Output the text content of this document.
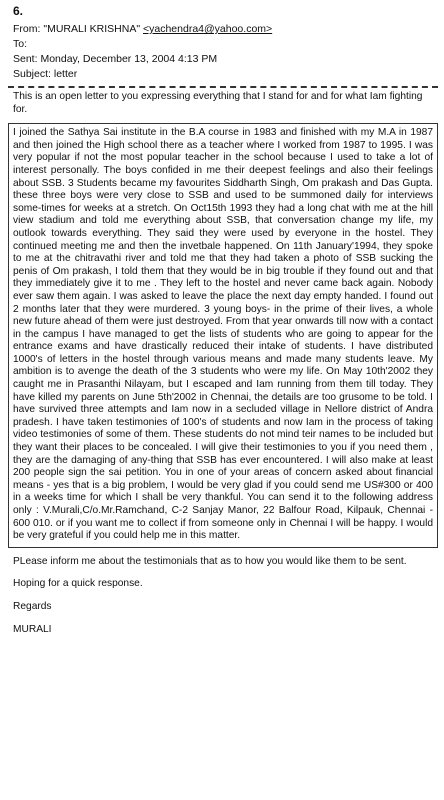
6.
From: "MURALI KRISHNA" <yachendra4@yahoo.com>
To:
Sent: Monday, December 13, 2004 4:13 PM
Subject: letter
This is an open letter to you expressing everything that I stand for and for what Iam fighting for.

I joined the Sathya Sai institute in the B.A course in 1983 and finished with my M.A in 1987 and then joined the High school there as a teacher where I worked from 1987 to 1995. I was very popular if not the most popular teacher in the school because I used to take a lot of interest personally. The boys confided in me their deepest feelings and also their feelings about SSB. 3 Students became my favourites Siddharth Singh, Om prakash and Das Gupta. these three boys were very close to SSB and used to be summoned daily for interviews some-times for weeks at a stretch. On Oct15th 1993 they had a long chat with me at the hill view stadium and told me everything about SSB, that conversation change my life, my outlook towards everything. They said they were used by everyone in the hostel. They continued meeting me and then the invetbale happened. On 11th January'1994, they spoke to me at the chitravathi river and told me that they had taken a photo of SSB sucking the penis of Om prakash, I told them that they would be in big trouble if they found out and that they immediately give it to me . They left to the hostel and never came back again. Nobody ever saw them again. I was asked to leave the place the next day empty handed. I found out 2 months later that they were murdered. 3 young boys- in the prime of their lives, a whole new future ahead of them were just destroyed. From that year onwards till now with a contact in the campus I have managed to get the lists of students who are going to appear for the entrance exams and have drastically reduced their intake of students. I have distributed 1000's of letters in the hostel through various means and made many students leave. My ambition is to avenge the death of the 3 students who were my life. On May 10th'2002 they caught me in Prasanthi Nilayam, but I escaped and Iam running from them till today. They have killed my parents on June 5th'2002 in Chennai, the details are too grusome to be told. I have survived three attempts and Iam now in a secluded village in Nellore district of Andra pradesh. I have taken testimonies of 100's of students and now Iam in the process of taking video testimonies of some of them. These students do not mind teir names to be included but they want their places to be concealed. I will give their testimonies to you if you need them , they are the damaging of any-thing that SSB has ever encountered. I will also make at least 200 people sign the sai petition. You in one of your areas of concern asked about financial means - yes that is a big problem, I would be very glad if you could send me US#300 or 400 in a weeks time for which I shall be very thankful. You can send it to the following address only : V.Murali,C/o.Mr.Ramchand, C-2 Sanjay Manor, 22 Balfour Road, Kilpauk, Chennai - 600 010. or if you want me to collect if from someone only in Chennai I will be happy. I would be very grateful if you could help me in this matter.

PLease inform me about the testimonials that as to how you would like them to be sent.
Hoping for a quick response.
Regards
MURALI
